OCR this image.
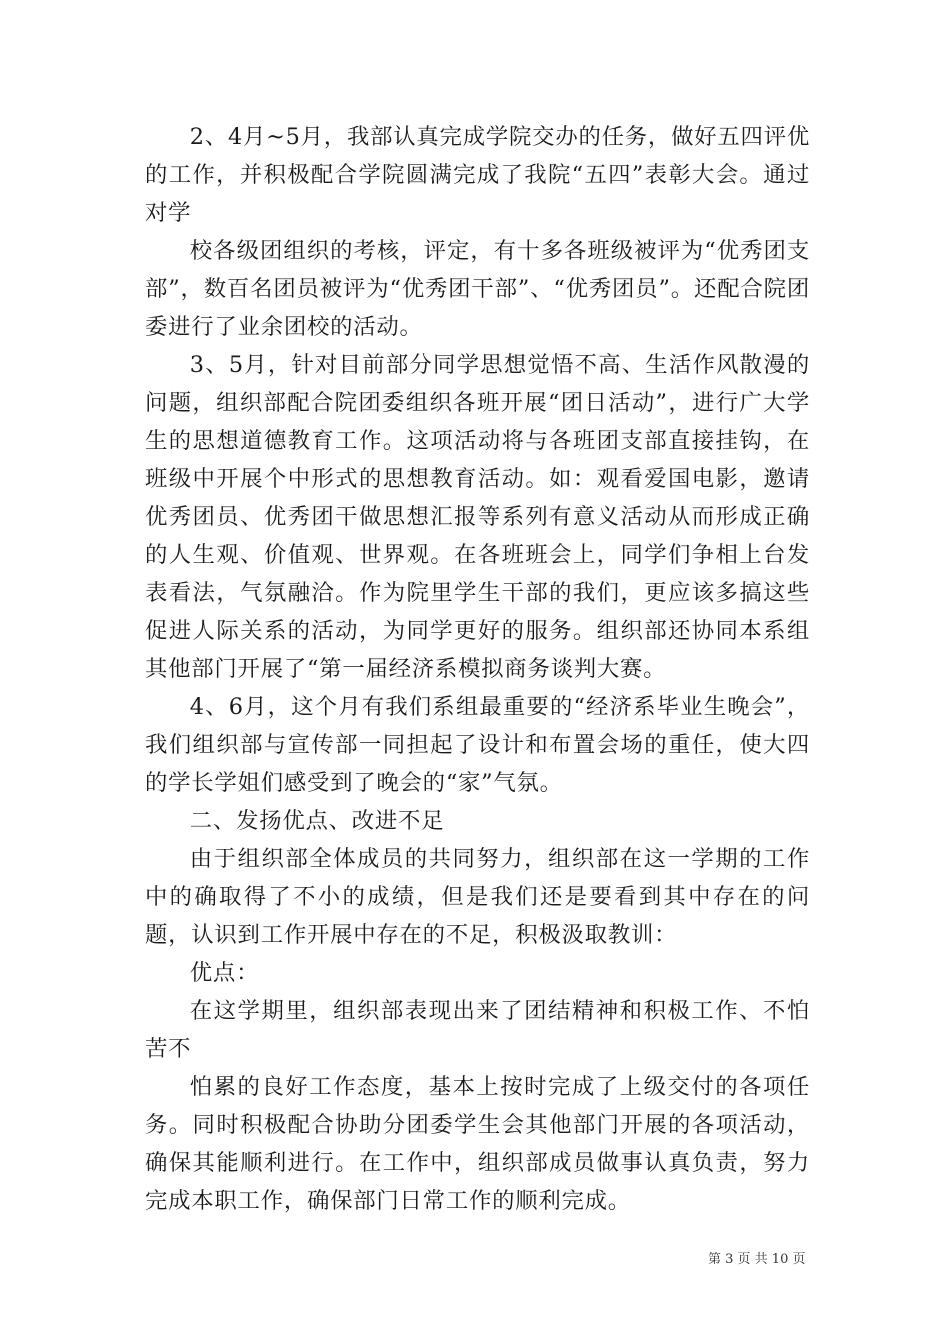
2、4月~5月，我部认真完成学院交办的任务，做好五四评优的工作，并积极配合学院圆满完成了我院“五四”表彰大会。通过对学

校各级团组织的考核，评定，有十多各班级被评为“优秀团支部”，数百名团员被评为“优秀团干部”、“优秀团员”。还配合院团委进行了业余团校的活动。

3、5月，针对目前部分同学思想觉悟不高、生活作风散漫的问题，组织部配合院团委组织各班开展“团日活动”，进行广大学生的思想道德教育工作。这项活动将与各班团支部直接挂钩，在班级中开展个中形式的思想教育活动。如：观看爱国电影，邀请优秀团员、优秀团干做思想汇报等系列有意义活动从而形成正确的人生观、价值观、世界观。在各班班会上，同学们争相上台发表看法，气氛融洽。作为院里学生干部的我们，更应该多搞这些促进人际关系的活动，为同学更好的服务。组织部还协同本系组其他部门开展了“第一届经济系模拟商务谈判大赛。

4、6月，这个月有我们系组最重要的“经济系毕业生晚会”，我们组织部与宣传部一同担起了设计和布置会场的重任，使大四的学长学姐们感受到了晚会的“家”气氛。

二、发扬优点、改进不足

由于组织部全体成员的共同努力，组织部在这一学期的工作中的确取得了不小的成绩，但是我们还是要看到其中存在的问题，认识到工作开展中存在的不足，积极汲取教训：

优点：

在这学期里，组织部表现出来了团结精神和积极工作、不怕苦不

怕累的良好工作态度，基本上按时完成了上级交付的各项任务。同时积极配合协助分团委学生会其他部门开展的各项活动，确保其能顺利进行。在工作中，组织部成员做事认真负责，努力完成本职工作，确保部门日常工作的顺利完成。

第 3 页 共 10 页
